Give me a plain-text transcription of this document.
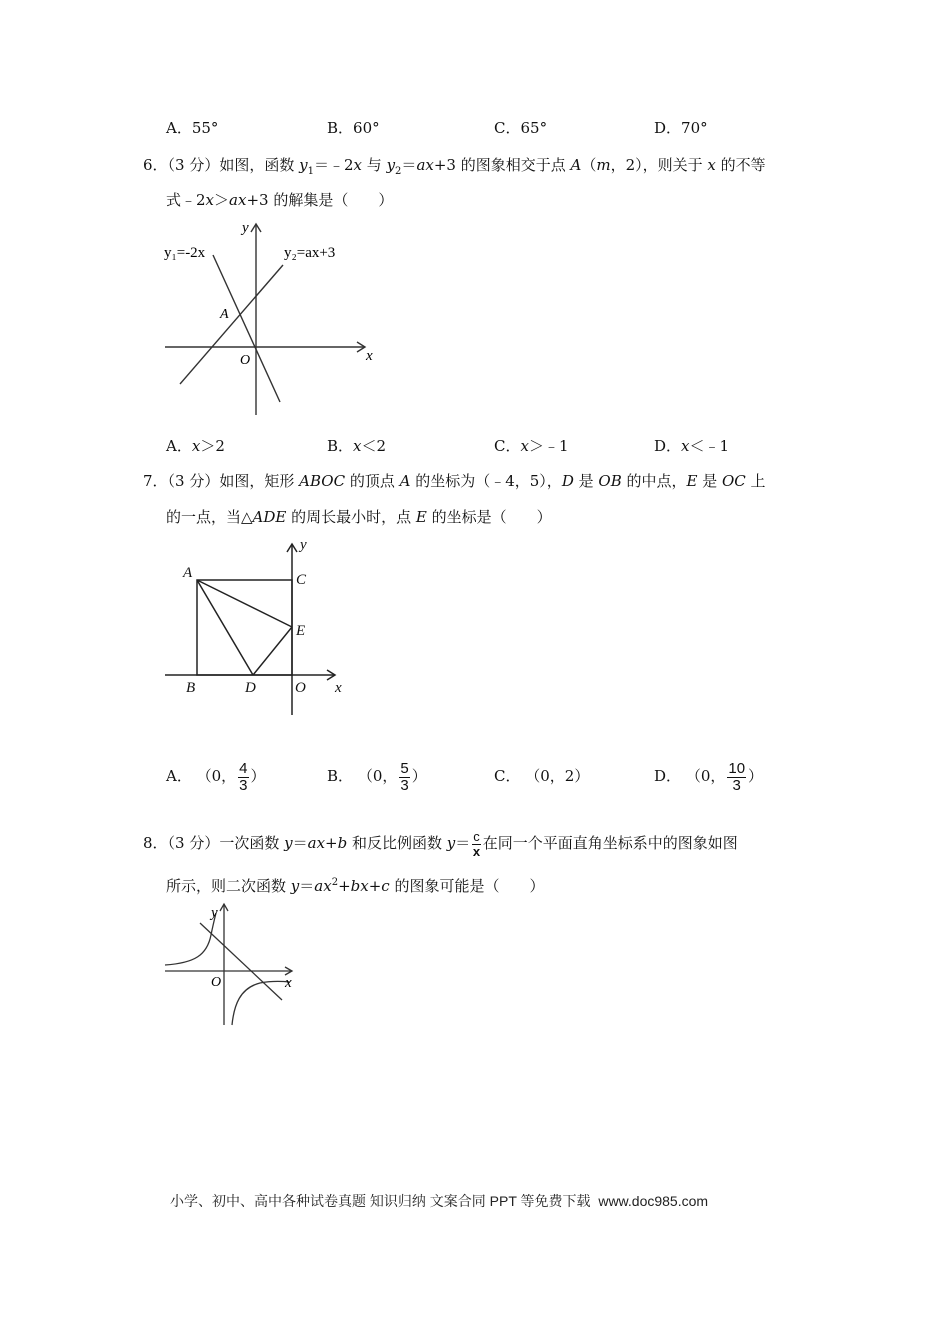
A．55°	B．60°	C．65°	D．70°
6．（3 分）如图，函数 $y_1=﹣2x$ 与 $y_2=ax+3$ 的图象相交于点 A（m，2），则关于 x 的不等
式﹣2x＞ax+3 的解集是（　　）
y₁=-2x	y₂=ax+3
A
O	x
y
A．x＞2	B．x＜2	C．x＞﹣1	D．x＜﹣1
7．（3 分）如图，矩形 ABOC 的顶点 A 的坐标为（﹣4，5），D 是 OB 的中点，E 是 OC 上
的一点，当△ADE 的周长最小时，点 E 的坐标是（　　）
A
B
C
D
E
O x
y
A． （0， $\frac{4}{3}$ ）	B． （0， $\frac{5}{3}$ ）	C． （0，2）	D． （0， $\frac{10}{3}$ ）
8．（3 分）一次函数 y＝ax+b 和反比例函数 $y= \frac{c}{x}$ 在同一个平面直角坐标系中的图象如图
所示，则二次函数 $y=ax^2+bx+c$ 的图象可能是（　　）
O	x
y
小学、初中、高中各种试卷真题 知识归纳 文案合同 PPT 等免费下载 www.doc985.com
